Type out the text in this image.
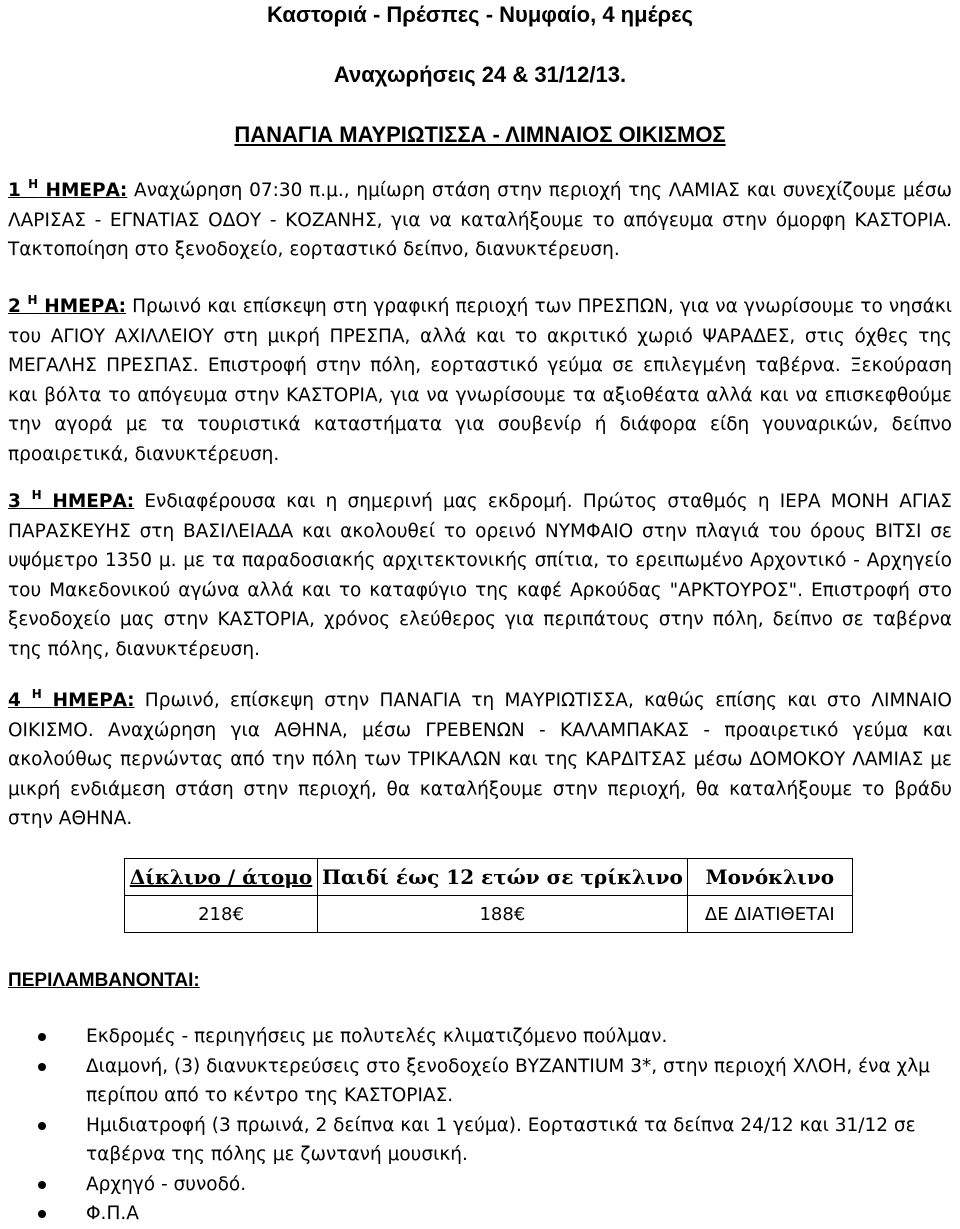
Καστοριά - Πρέσπες - Νυμφαίο, 4 ημέρες
Αναχωρήσεις 24 & 31/12/13.
ΠΑΝΑΓΙΑ ΜΑΥΡΙΩΤΙΣΣΑ - ΛΙΜΝΑΙΟΣ ΟΙΚΙΣΜΟΣ
1 $^H$ ΗΜΕΡΑ: Αναχώρηση 07:30 π.μ., ημίωρη στάση στην περιοχή της ΛΑΜΙΑΣ και συνεχίζουμε μέσω ΛΑΡΙΣΑΣ - ΕΓΝΑΤΙΑΣ ΟΔΟΥ - ΚΟΖΑΝΗΣ, για να καταλήξουμε το απόγευμα στην όμορφη ΚΑΣΤΟΡΙΑ. Τακτοποίηση στο ξενοδοχείο, εορταστικό δείπνο, διανυκτέρευση.
2 $^H$ ΗΜΕΡΑ: Πρωινό και επίσκεψη στη γραφική περιοχή των ΠΡΕΣΠΩΝ, για να γνωρίσουμε το νησάκι του ΑΓΙΟΥ ΑΧΙΛΛΕΙΟΥ στη μικρή ΠΡΕΣΠΑ, αλλά και το ακριτικό χωριό ΨΑΡΑΔΕΣ, στις όχθες της ΜΕΓΑΛΗΣ ΠΡΕΣΠΑΣ. Επιστροφή στην πόλη, εορταστικό γεύμα σε επιλεγμένη ταβέρνα. Ξεκούραση και βόλτα το απόγευμα στην ΚΑΣΤΟΡΙΑ, για να γνωρίσουμε τα αξιοθέατα αλλά και να επισκεφθούμε την αγορά με τα τουριστικά καταστήματα για σουβενίρ ή διάφορα είδη γουναρικών, δείπνο προαιρετικά, διανυκτέρευση.
3 $^H$ ΗΜΕΡΑ: Ενδιαφέρουσα και η σημερινή μας εκδρομή. Πρώτος σταθμός η ΙΕΡΑ ΜΟΝΗ ΑΓΙΑΣ ΠΑΡΑΣΚΕΥΗΣ στη ΒΑΣΙΛΕΙΑΔΑ και ακολουθεί το ορεινό ΝΥΜΦΑΙΟ στην πλαγιά του όρους ΒΙΤΣΙ σε υψόμετρο 1350 μ. με τα παραδοσιακής αρχιτεκτονικής σπίτια, το ερειπωμένο Αρχοντικό - Αρχηγείο του Μακεδονικού αγώνα αλλά και το καταφύγιο της καφέ Αρκούδας "ΑΡΚΤΟΥΡΟΣ". Επιστροφή στο ξενοδοχείο μας στην ΚΑΣΤΟΡΙΑ, χρόνος ελεύθερος για περιπάτους στην πόλη, δείπνο σε ταβέρνα της πόλης, διανυκτέρευση.
4 $^H$ ΗΜΕΡΑ: Πρωινό, επίσκεψη στην ΠΑΝΑΓΙΑ τη ΜΑΥΡΙΩΤΙΣΣΑ, καθώς επίσης και στο ΛΙΜΝΑΙΟ ΟΙΚΙΣΜΟ. Αναχώρηση για ΑΘΗΝΑ, μέσω ΓΡΕΒΕΝΩΝ - ΚΑΛΑΜΠΑΚΑΣ - προαιρετικό γεύμα και ακολούθως περνώντας από την πόλη των ΤΡΙΚΑΛΩΝ και της ΚΑΡΔΙΤΣΑΣ μέσω ΔΟΜΟΚΟΥ ΛΑΜΙΑΣ με μικρή ενδιάμεση στάση στην περιοχή, θα καταλήξουμε στην περιοχή, θα καταλήξουμε το βράδυ στην ΑΘΗΝΑ.
Δίκλινο / άτομο	Παιδί έως 12 ετών σε τρίκλινο	Μονόκλινο
218€	188€	ΔΕ ΔΙΑΤΙΘΕΤΑΙ
ΠΕΡΙΛΑΜΒΑΝΟΝΤΑΙ:
Εκδρομές - περιηγήσεις με πολυτελές κλιματιζόμενο πούλμαν.
Διαμονή, (3) διανυκτερεύσεις στο ξενοδοχείο ΒΥΖΑΝΤΙUM 3*, στην περιοχή ΧΛΟΗ, ένα χλμ περίπου από το κέντρο της ΚΑΣΤΟΡΙΑΣ.
Ημιδιατροφή (3 πρωινά, 2 δείπνα και 1 γεύμα). Εορταστικά τα δείπνα 24/12 και 31/12 σε ταβέρνα της πόλης με ζωντανή μουσική.
Αρχηγό - συνοδό.
Φ.Π.Α
